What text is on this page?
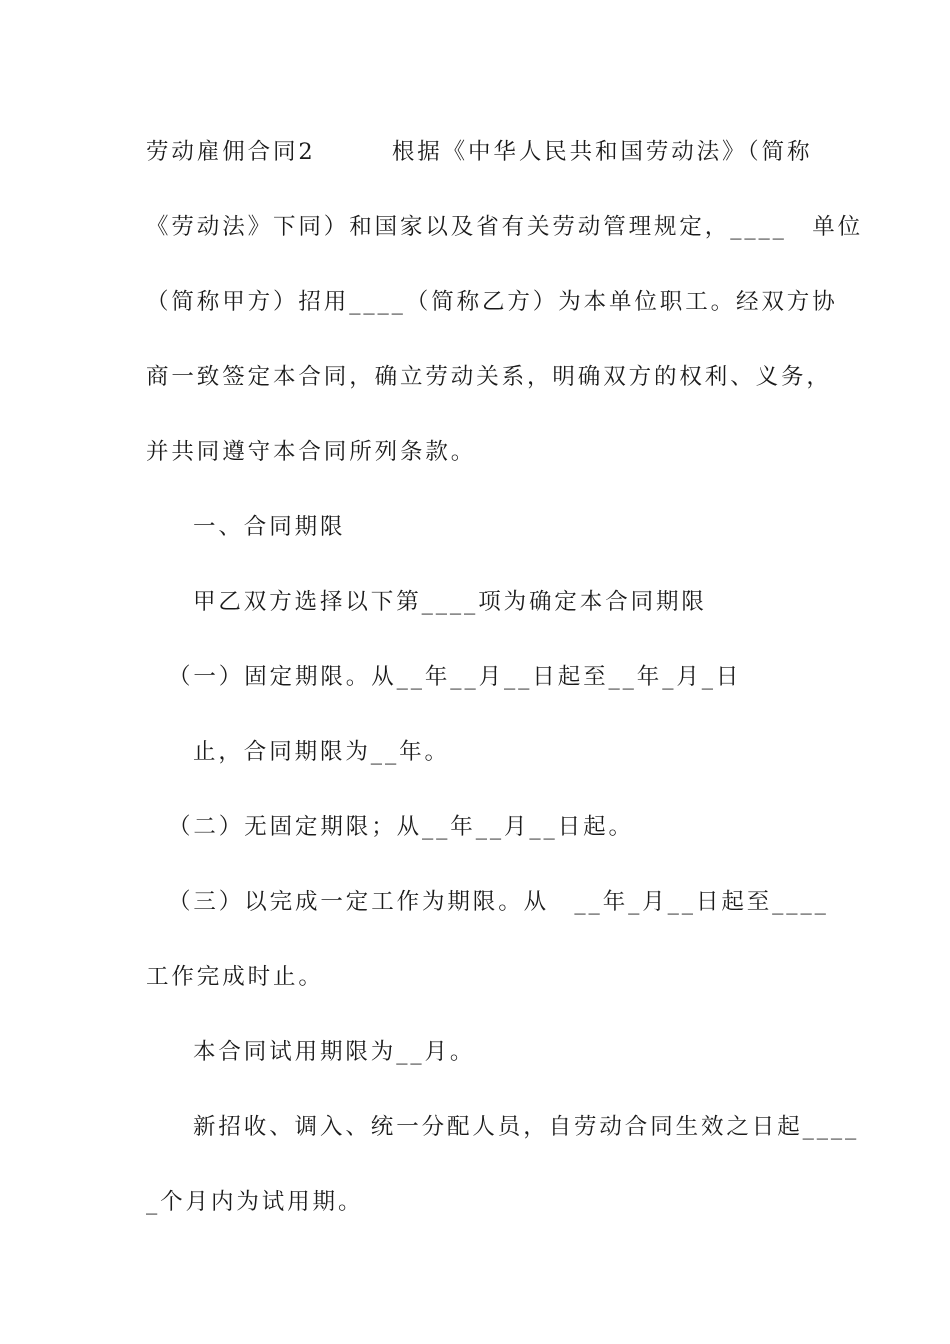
劳动雇佣合同2　　　根据《中华人民共和国劳动法》（简称
《劳动法》下同）和国家以及省有关劳动管理规定，____　单位
（简称甲方）招用____（简称乙方）为本单位职工。经双方协
商一致签定本合同，确立劳动关系，明确双方的权利、义务，
并共同遵守本合同所列条款。
一、合同期限
甲乙双方选择以下第____项为确定本合同期限
（一）固定期限。从__年__月__日起至__年_月_日
止，合同期限为__年。
（二）无固定期限；从__年__月__日起。
（三）以完成一定工作为期限。从　__年_月__日起至____
工作完成时止。
本合同试用期限为__月。
新招收、调入、统一分配人员，自劳动合同生效之日起____
_个月内为试用期。
